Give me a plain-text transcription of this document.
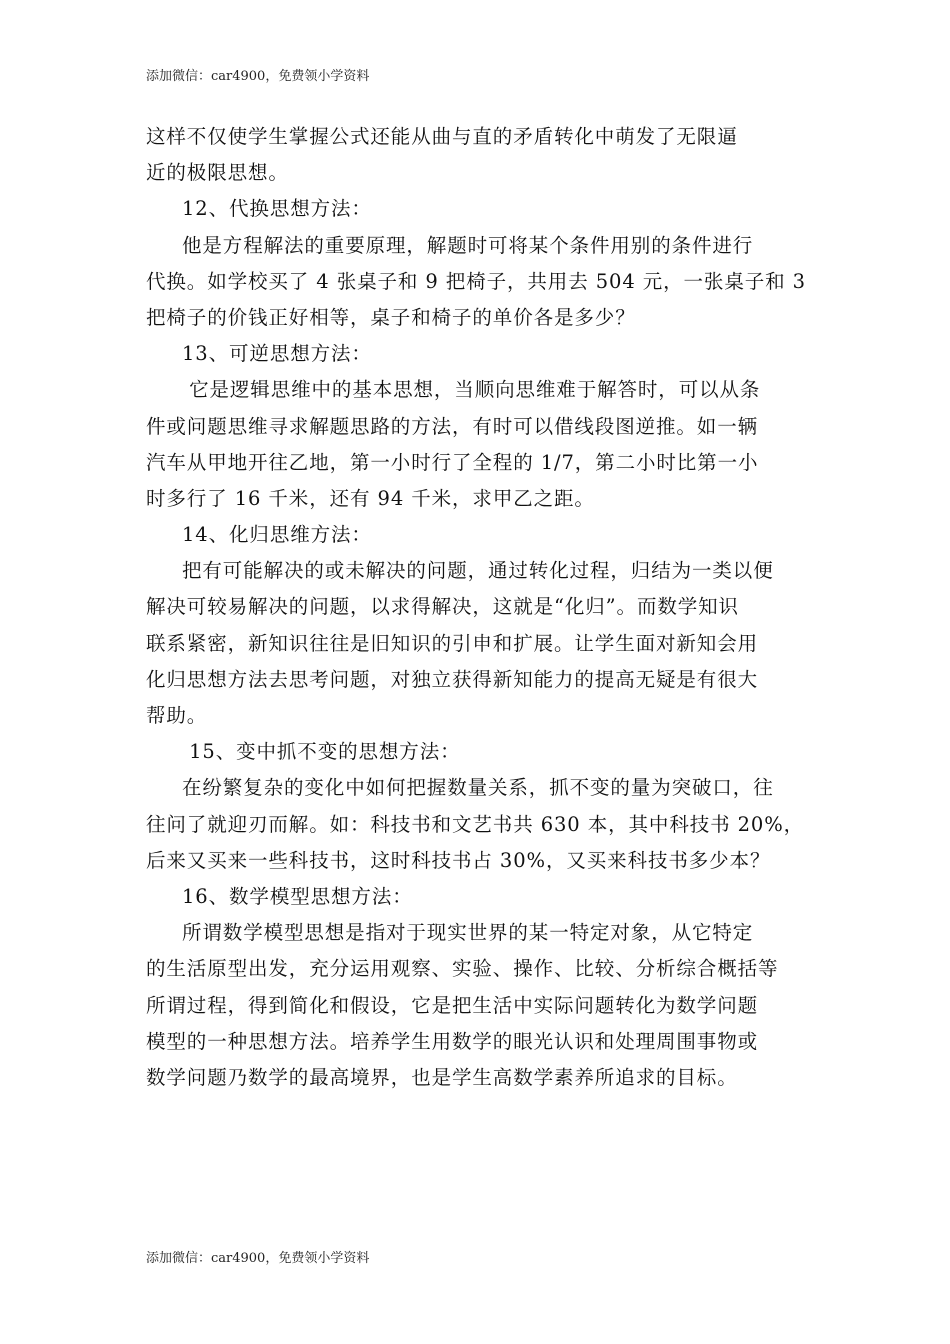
添加微信：car4900，免费领小学资料
这样不仅使学生掌握公式还能从曲与直的矛盾转化中萌发了无限逼
近的极限思想。
12、代换思想方法：
他是方程解法的重要原理，解题时可将某个条件用别的条件进行
代换。如学校买了 4 张桌子和 9 把椅子，共用去 504 元，一张桌子和 3
把椅子的价钱正好相等，桌子和椅子的单价各是多少？
13、可逆思想方法：
它是逻辑思维中的基本思想，当顺向思维难于解答时，可以从条
件或问题思维寻求解题思路的方法，有时可以借线段图逆推。如一辆
汽车从甲地开往乙地，第一小时行了全程的 1/7，第二小时比第一小
时多行了 16 千米，还有 94 千米，求甲乙之距。
14、化归思维方法：
把有可能解决的或未解决的问题，通过转化过程，归结为一类以便
解决可较易解决的问题，以求得解决，这就是“化归”。而数学知识
联系紧密，新知识往往是旧知识的引申和扩展。让学生面对新知会用
化归思想方法去思考问题，对独立获得新知能力的提高无疑是有很大
帮助。
15、变中抓不变的思想方法：
在纷繁复杂的变化中如何把握数量关系，抓不变的量为突破口，往
往问了就迎刃而解。如：科技书和文艺书共 630 本，其中科技书 20%，
后来又买来一些科技书，这时科技书占 30%，又买来科技书多少本？
16、数学模型思想方法：
所谓数学模型思想是指对于现实世界的某一特定对象，从它特定
的生活原型出发，充分运用观察、实验、操作、比较、分析综合概括等
所谓过程，得到简化和假设，它是把生活中实际问题转化为数学问题
模型的一种思想方法。培养学生用数学的眼光认识和处理周围事物或
数学问题乃数学的最高境界，也是学生高数学素养所追求的目标。
添加微信：car4900，免费领小学资料
